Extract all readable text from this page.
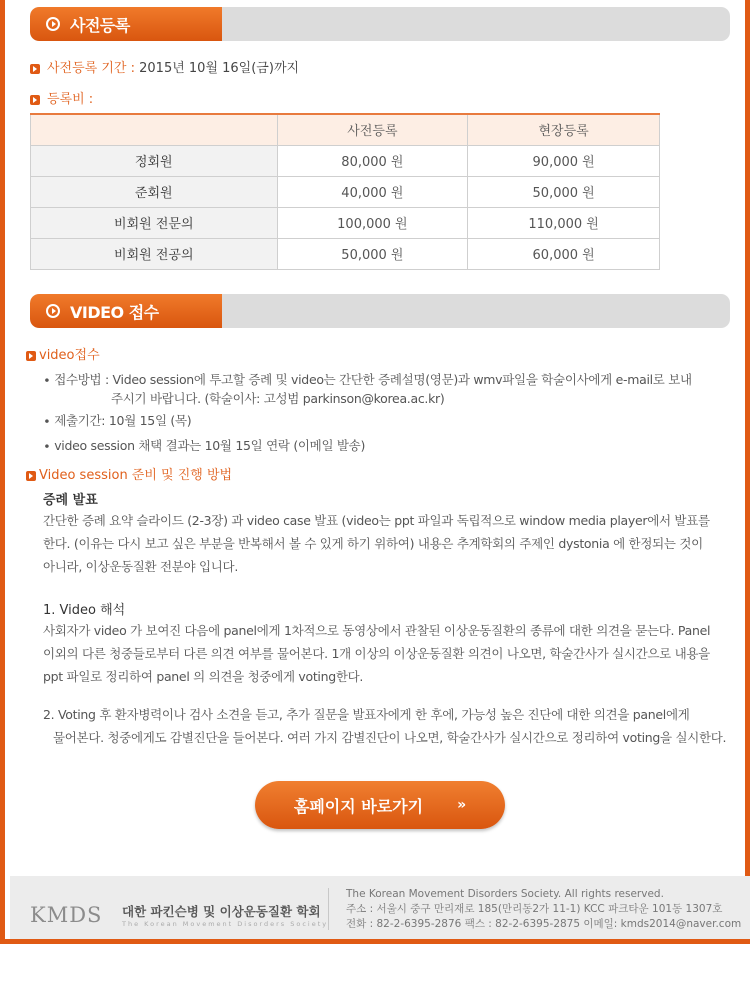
사전등록
사전등록 기간 : 2015년 10월 16일(금)까지
등록비 :
	사전등록	현장등록
정회원	80,000 원	90,000 원
준회원	40,000 원	50,000 원
비회원 전문의	100,000 원	110,000 원
비회원 전공의	50,000 원	60,000 원
VIDEO 접수
video접수
∙ 접수방법 : Video session에 투고할 증례 및 video는 간단한 증례설명(영문)과 wmv파일을 학술이사에게 e-mail로 보내
주시기 바랍니다. (학술이사: 고성범 parkinson@korea.ac.kr)
∙ 제출기간: 10월 15일 (목)
∙ video session 채택 결과는 10월 15일 연락 (이메일 발송)
Video session 준비 및 진행 방법
증례 발표
간단한 증례 요약 슬라이드 (2-3장) 과 video case 발표 (video는 ppt 파일과 독립적으로 window media player에서 발표를
한다. (이유는 다시 보고 싶은 부분을 반복해서 볼 수 있게 하기 위하여) 내용은 추계학회의 주제인 dystonia 에 한정되는 것이
아니라, 이상운동질환 전분야 입니다.
1. Video 해석
사회자가 video 가 보여진 다음에 panel에게 1차적으로 동영상에서 관찰된 이상운동질환의 종류에 대한 의견을 묻는다. Panel
이외의 다른 청중들로부터 다른 의견 여부를 물어본다. 1개 이상의 이상운동질환 의견이 나오면, 학술간사가 실시간으로 내용을
ppt 파일로 정리하여 panel 의 의견을 청중에게 voting한다.
2. Voting 후 환자병력이나 검사 소견을 듣고, 추가 질문을 발표자에게 한 후에, 가능성 높은 진단에 대한 의견을 panel에게
물어본다. 청중에게도 감별진단을 들어본다. 여러 가지 감별진단이 나오면, 학술간사가 실시간으로 정리하여 voting을 실시한다.
홈페이지 바로가기 »
KMDS 대한 파킨슨병 및 이상운동질환 학회
The Korean Movement Disorders Society
The Korean Movement Disorders Society. All rights reserved.
주소 : 서울시 중구 만리재로 185(만리동2가 11-1) KCC 파크타운 101동 1307호
전화 : 82-2-6395-2876 팩스 : 82-2-6395-2875 이메일: kmds2014@naver.com
